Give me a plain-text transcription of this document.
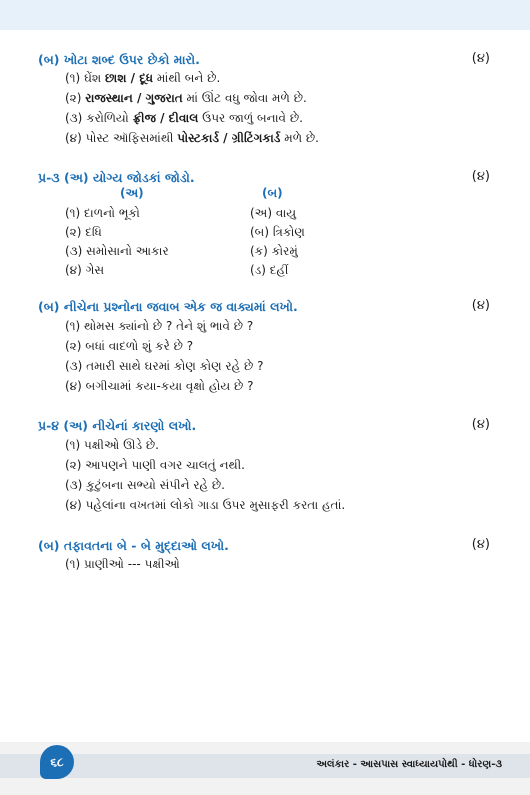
(બ) ખોટા શબ્દ ઉપર છેકો મારો.	(૪)
(૧) ઘેંશ છાશ / દૂધ માંથી બને છે.
(૨) રાજસ્થાન / ગુજરાત માં ઊંટ વધુ જોવા મળે છે.
(૩) કરોળિયો ફ્રીજ / દીવાલ ઉપર જાળું બનાવે છે.
(૪) પોસ્ટ ઑફિસમાંથી પોસ્ટકાર્ડ / ગ્રીટિંગકાર્ડ મળે છે.
પ્ર-૩ (અ) યોગ્ય જોડકાં જોડો.	(૪)
(અ)	(બ)
(૧) દાળનો ભૂકો	(અ) વાયુ
(૨) દધિ	(બ) ત્રિકોણ
(૩) સમોસાનો આકાર	(ક) કોરમું
(૪) ગેસ	(ડ) દહીં
(બ) નીચેના પ્રશ્નોના જવાબ એક જ વાક્યમાં લખો.	(૪)
(૧) થોમસ ક્યાંનો છે ? તેને શું ભાવે છે ?
(૨) બધાં વાદળો શું કરે છે ?
(૩) તમારી સાથે ઘરમાં કોણ કોણ રહે છે ?
(૪) બગીચામાં કયા-કયા વૃક્ષો હોય છે ?
પ્ર-૪ (અ) નીચેનાં કારણો લખો.	(૪)
(૧) પક્ષીઓ ઊડે છે.
(૨) આપણને પાણી વગર ચાલતું નથી.
(૩) કુટુંબના સભ્યો સંપીને રહે છે.
(૪) પહેલાંના વખતમાં લોકો ગાડા ઉપર મુસાફરી કરતા હતાં.
(બ) તફાવતના બે - બે મુદ્દાઓ લખો.	(૪)
(૧) પ્રાણીઓ --- પક્ષીઓ
૬૮	અલંકાર - આસપાસ સ્વાધ્યાયપોથી - ધોરણ-૩
